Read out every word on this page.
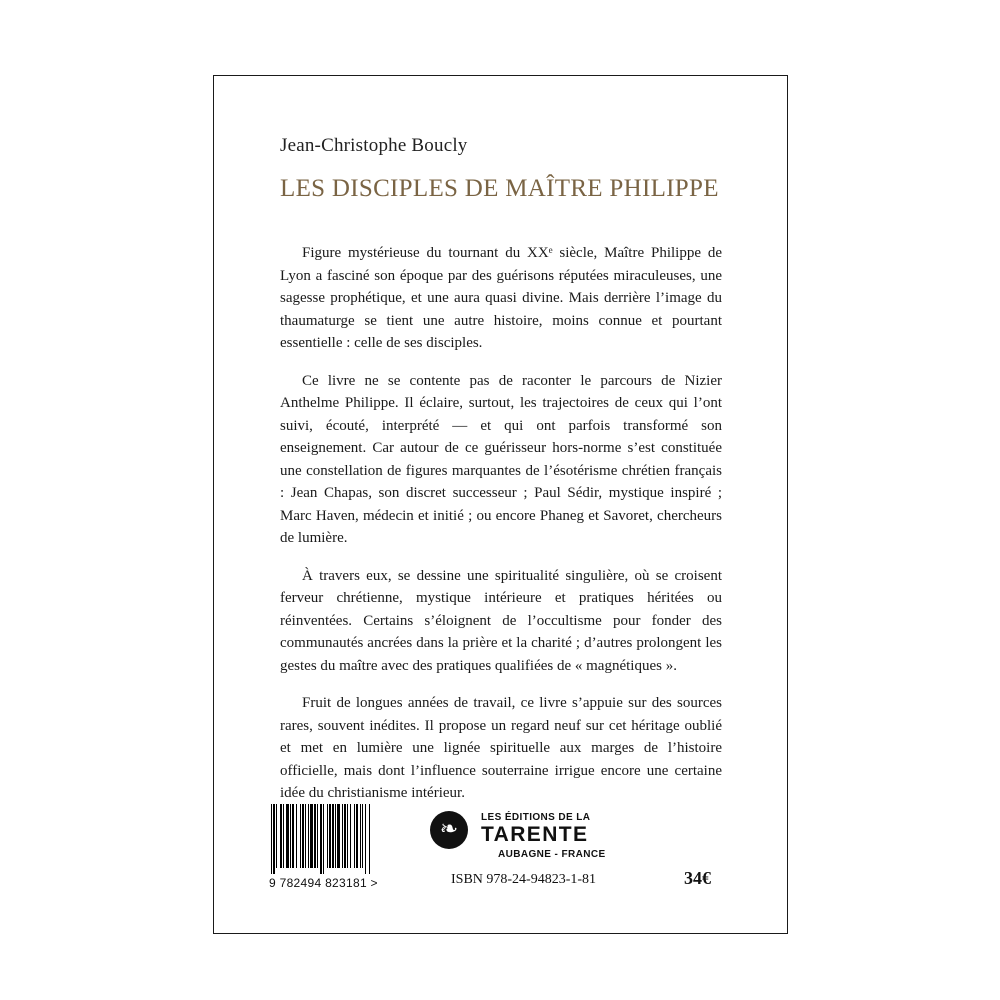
Jean-Christophe Boucly
LES DISCIPLES DE MAÎTRE PHILIPPE

Figure mystérieuse du tournant du XXᵉ siècle, Maître Philippe de Lyon a fasciné son époque par des guérisons réputées miraculeuses, une sagesse prophétique, et une aura quasi divine. Mais derrière l’image du thaumaturge se tient une autre histoire, moins connue et pourtant essentielle : celle de ses disciples.

Ce livre ne se contente pas de raconter le parcours de Nizier Anthelme Philippe. Il éclaire, surtout, les trajectoires de ceux qui l’ont suivi, écouté, interprété — et qui ont parfois transformé son enseignement. Car autour de ce guérisseur hors-norme s’est constituée une constellation de figures marquantes de l’ésotérisme chrétien français : Jean Chapas, son discret successeur ; Paul Sédir, mystique inspiré ; Marc Haven, médecin et initié ; ou encore Phaneg et Savoret, chercheurs de lumière.

À travers eux, se dessine une spiritualité singulière, où se croisent ferveur chrétienne, mystique intérieure et pratiques héritées ou réinventées. Certains s’éloignent de l’occultisme pour fonder des communautés ancrées dans la prière et la charité ; d’autres prolongent les gestes du maître avec des pratiques qualifiées de « magnétiques ».

Fruit de longues années de travail, ce livre s’appuie sur des sources rares, souvent inédites. Il propose un regard neuf sur cet héritage oublié et met en lumière une lignée spirituelle aux marges de l’histoire officielle, mais dont l’influence souterraine irrigue encore une certaine idée du christianisme intérieur.

9 782494 823181 >
❧	LES ÉDITIONS DE LA
TARENTE
AUBAGNE - FRANCE
ISBN 978-24-94823-1-81	34€
